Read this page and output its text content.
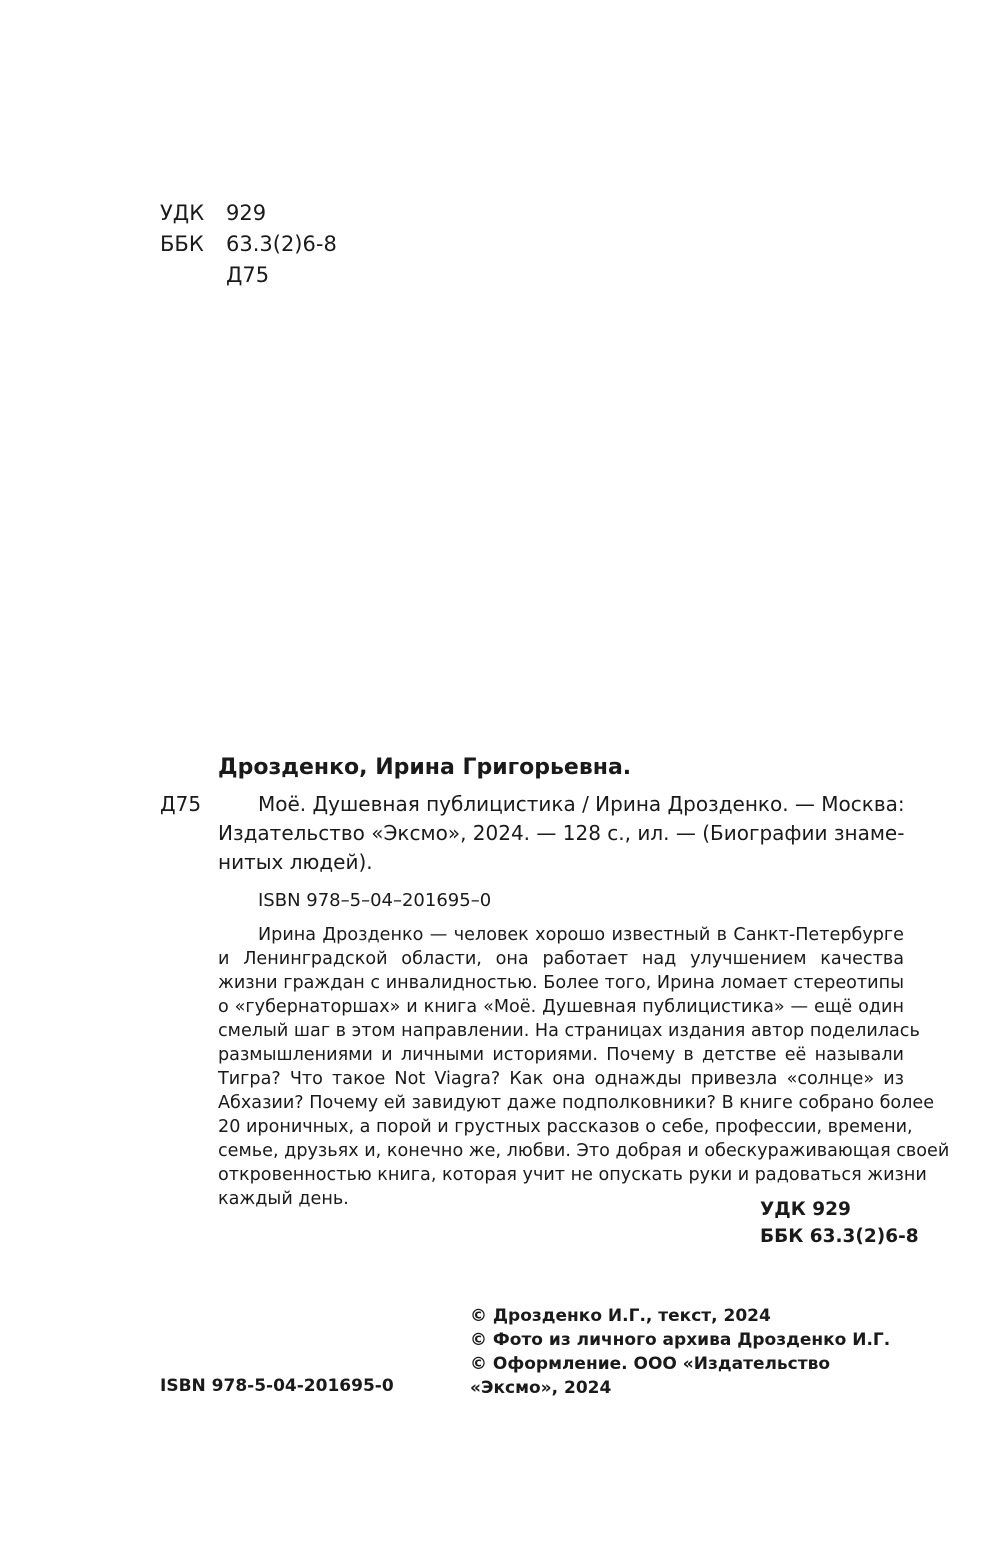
УДК 929
ББК 63.3(2)6-8
Д75
Дрозденко, Ирина Григорьевна.
Д75	Моё. Душевная публицистика / Ирина Дрозденко. — Москва:
Издательство «Эксмо», 2024. — 128 с., ил. — (Биографии знаме-
нитых людей).
ISBN 978–5–04–201695–0
Ирина Дрозденко — человек хорошо известный в Санкт-Петербурге
и Ленинградской области, она работает над улучшением качества
жизни граждан с инвалидностью. Более того, Ирина ломает стереотипы
о «губернаторшах» и книга «Моё. Душевная публицистика» — ещё один
смелый шаг в этом направлении. На страницах издания автор поделилась
размышлениями и личными историями. Почему в детстве её называли
Тигра? Что такое Not Viagra? Как она однажды привезла «солнце» из
Абхазии? Почему ей завидуют даже подполковники? В книге собрано более
20 ироничных, а порой и грустных рассказов о себе, профессии, времени,
семье, друзьях и, конечно же, любви. Это добрая и обескураживающая своей
откровенностью книга, которая учит не опускать руки и радоваться жизни
каждый день.	УДК 929
ББК 63.3(2)6-8
© Дрозденко И.Г., текст, 2024
© Фото из личного архива Дрозденко И.Г.
© Оформление. ООО «Издательство
«Эксмо», 2024
ISBN 978-5-04-201695-0
